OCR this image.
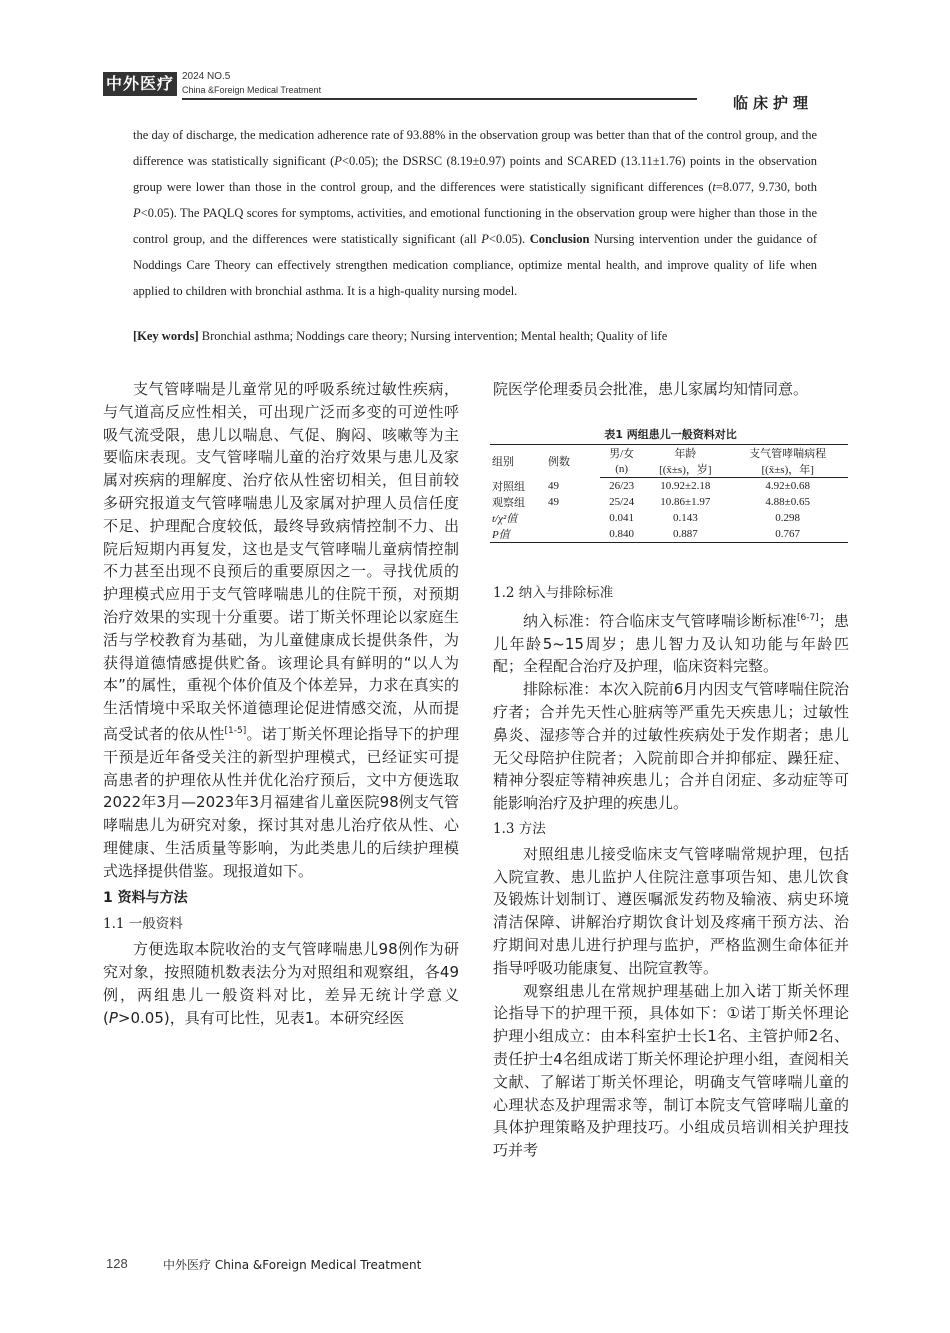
中外医疗 2024 NO.5
China &Foreign Medical Treatment
临床护理
the day of discharge, the medication adherence rate of 93.88% in the observation group was better than that of the control group, and the difference was statistically significant (P<0.05); the DSRSC (8.19±0.97) points and SCARED (13.11±1.76) points in the observation group were lower than those in the control group, and the differences were statistically significant differences (t=8.077, 9.730, both P<0.05). The PAQLQ scores for symptoms, activities, and emotional functioning in the observation group were higher than those in the control group, and the differences were statistically significant (all P<0.05). Conclusion Nursing intervention under the guidance of Noddings Care Theory can effectively strengthen medication compliance, optimize mental health, and improve quality of life when applied to children with bronchial asthma. It is a high-quality nursing model.
[Key words] Bronchial asthma; Noddings care theory; Nursing intervention; Mental health; Quality of life

支气管哮喘是儿童常见的呼吸系统过敏性疾病，与气道高反应性相关，可出现广泛而多变的可逆性呼吸气流受限，患儿以喘息、气促、胸闷、咳嗽等为主要临床表现。支气管哮喘儿童的治疗效果与患儿及家属对疾病的理解度、治疗依从性密切相关，但目前较多研究报道支气管哮喘患儿及家属对护理人员信任度不足、护理配合度较低，最终导致病情控制不力、出院后短期内再复发，这也是支气管哮喘儿童病情控制不力甚至出现不良预后的重要原因之一。寻找优质的护理模式应用于支气管哮喘患儿的住院干预，对预期治疗效果的实现十分重要。诺丁斯关怀理论以家庭生活与学校教育为基础，为儿童健康成长提供条件，为获得道德情感提供贮备。该理论具有鲜明的“以人为本”的属性，重视个体价值及个体差异，力求在真实的生活情境中采取关怀道德理论促进情感交流，从而提高受试者的依从性[1-5]。诺丁斯关怀理论指导下的护理干预是近年备受关注的新型护理模式，已经证实可提高患者的护理依从性并优化治疗预后，文中方便选取2022年3月—2023年3月福建省儿童医院98例支气管哮喘患儿为研究对象，探讨其对患儿治疗依从性、心理健康、生活质量等影响，为此类患儿的后续护理模式选择提供借鉴。现报道如下。

1 资料与方法
1.1 一般资料

方便选取本院收治的支气管哮喘患儿98例作为研究对象，按照随机数表法分为对照组和观察组，各49例，两组患儿一般资料对比，差异无统计学意义(P>0.05)，具有可比性，见表1。本研究经医

院医学伦理委员会批准，患儿家属均知情同意。

表1 两组患儿一般资料对比
组别	例数	男/女	年龄	支气管哮喘病程
		(n)	[(x̄±s)，岁]	[(x̄±s)，年]
对照组	49	26/23	10.92±2.18	4.92±0.68
观察组	49	25/24	10.86±1.97	4.88±0.65
t/χ²值		0.041	0.143	0.298
P值		0.840	0.887	0.767
1.2 纳入与排除标准

纳入标准：符合临床支气管哮喘诊断标准[6-7]；患儿年龄5~15周岁；患儿智力及认知功能与年龄匹配；全程配合治疗及护理，临床资料完整。

排除标准：本次入院前6月内因支气管哮喘住院治疗者；合并先天性心脏病等严重先天疾患儿；过敏性鼻炎、湿疹等合并的过敏性疾病处于发作期者；患儿无父母陪护住院者；入院前即合并抑郁症、躁狂症、精神分裂症等精神疾患儿；合并自闭症、多动症等可能影响治疗及护理的疾患儿。

1.3 方法

对照组患儿接受临床支气管哮喘常规护理，包括入院宣教、患儿监护人住院注意事项告知、患儿饮食及锻炼计划制订、遵医嘱派发药物及输液、病史环境清洁保障、讲解治疗期饮食计划及疼痛干预方法、治疗期间对患儿进行护理与监护，严格监测生命体征并指导呼吸功能康复、出院宣教等。

观察组患儿在常规护理基础上加入诺丁斯关怀理论指导下的护理干预，具体如下：①诺丁斯关怀理论护理小组成立：由本科室护士长1名、主管护师2名、责任护士4名组成诺丁斯关怀理论护理小组，查阅相关文献、了解诺丁斯关怀理论，明确支气管哮喘儿童的心理状态及护理需求等，制订本院支气管哮喘儿童的具体护理策略及护理技巧。小组成员培训相关护理技巧并考

128	中外医疗 China &Foreign Medical Treatment
